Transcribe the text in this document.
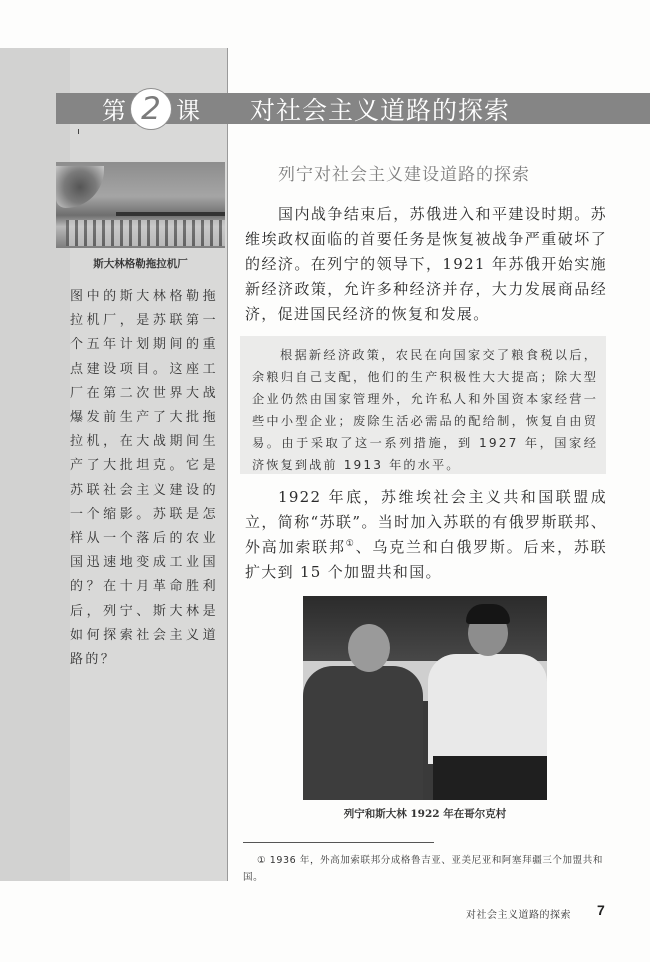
第 2 课 对社会主义道路的探索
斯大林格勒拖拉机厂
图中的斯大林格勒拖拉机厂，是苏联第一个五年计划期间的重点建设项目。这座工厂在第二次世界大战爆发前生产了大批拖拉机，在大战期间生产了大批坦克。它是苏联社会主义建设的一个缩影。苏联是怎样从一个落后的农业国迅速地变成工业国的？在十月革命胜利后，列宁、斯大林是如何探索社会主义道路的？
列宁对社会主义建设道路的探索

国内战争结束后，苏俄进入和平建设时期。苏维埃政权面临的首要任务是恢复被战争严重破坏了的经济。在列宁的领导下，1921 年苏俄开始实施新经济政策，允许多种经济并存，大力发展商品经济，促进国民经济的恢复和发展。

根据新经济政策，农民在向国家交了粮食税以后，余粮归自己支配，他们的生产积极性大大提高；除大型企业仍然由国家管理外，允许私人和外国资本家经营一些中小型企业；废除生活必需品的配给制，恢复自由贸易。由于采取了这一系列措施，到 1927 年，国家经济恢复到战前 1913 年的水平。

1922 年底，苏维埃社会主义共和国联盟成立，简称“苏联”。当时加入苏联的有俄罗斯联邦、外高加索联邦①、乌克兰和白俄罗斯。后来，苏联扩大到 15 个加盟共和国。

列宁和斯大林 1922 年在哥尔克村

① 1936 年，外高加索联邦分成格鲁吉亚、亚美尼亚和阿塞拜疆三个加盟共和国。

对社会主义道路的探索 7
